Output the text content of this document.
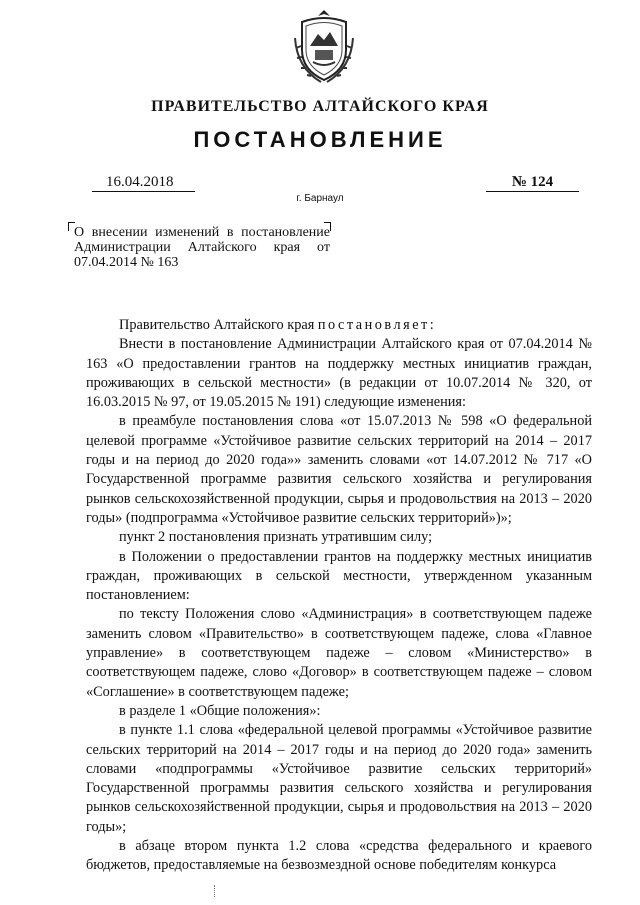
ПРАВИТЕЛЬСТВО АЛТАЙСКОГО КРАЯ
ПОСТАНОВЛЕНИЕ
16.04.2018	№ 124
г. Барнаул
О внесении изменений в постановление Администрации Алтайского края от 07.04.2014 № 163

Правительство Алтайского края постановляет:

Внести в постановление Администрации Алтайского края от 07.04.2014 № 163 «О предоставлении грантов на поддержку местных инициатив граждан, проживающих в сельской местности» (в редакции от 10.07.2014 № 320, от 16.03.2015 № 97, от 19.05.2015 № 191) следующие изменения:

в преамбуле постановления слова «от 15.07.2013 № 598 «О федеральной целевой программе «Устойчивое развитие сельских территорий на 2014 – 2017 годы и на период до 2020 года»» заменить словами «от 14.07.2012 № 717 «О Государственной программе развития сельского хозяйства и регулирования рынков сельскохозяйственной продукции, сырья и продовольствия на 2013 – 2020 годы» (подпрограмма «Устойчивое развитие сельских территорий»)»;

пункт 2 постановления признать утратившим силу;

в Положении о предоставлении грантов на поддержку местных инициатив граждан, проживающих в сельской местности, утвержденном указанным постановлением:

по тексту Положения слово «Администрация» в соответствующем падеже заменить словом «Правительство» в соответствующем падеже, слова «Главное управление» в соответствующем падеже – словом «Министерство» в соответствующем падеже, слово «Договор» в соответствующем падеже – словом «Соглашение» в соответствующем падеже;

в разделе 1 «Общие положения»:

в пункте 1.1 слова «федеральной целевой программы «Устойчивое развитие сельских территорий на 2014 – 2017 годы и на период до 2020 года» заменить словами «подпрограммы «Устойчивое развитие сельских территорий» Государственной программы развития сельского хозяйства и регулирования рынков сельскохозяйственной продукции, сырья и продовольствия на 2013 – 2020 годы»;

в абзаце втором пункта 1.2 слова «средства федерального и краевого бюджетов, предоставляемые на безвозмездной основе победителям конкурса
